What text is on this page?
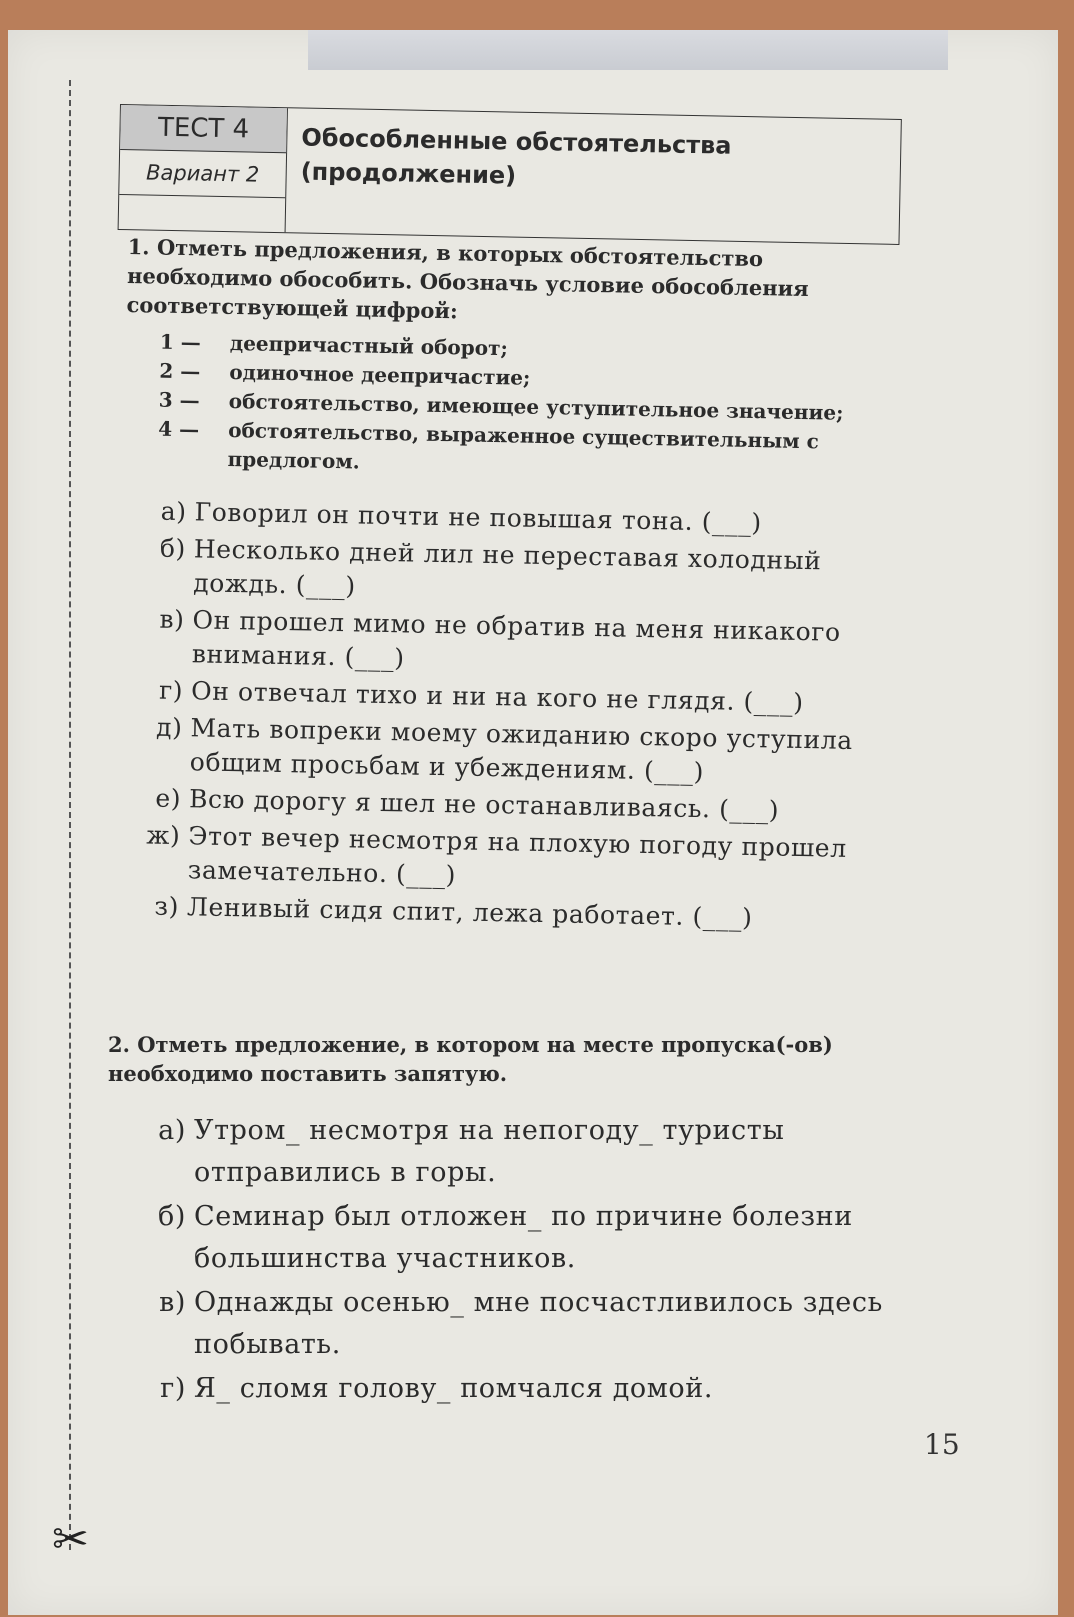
✂
ТЕСТ 4
Вариант 2
Обособленные обстоятельства
(продолжение)
1. Отметь предложения, в которых обстоятельство необходимо обособить. Обозначь условие обособления соответствующей цифрой:
1 —	деепричастный оборот;
2 —	одиночное деепричастие;
3 —	обстоятельство, имеющее уступительное значение;
4 —	обстоятельство, выраженное существительным с предлогом.
а) Говорил он почти не повышая тона. (___)
б) Несколько дней лил не переставая холодный дождь. (___)
в) Он прошел мимо не обратив на меня никакого внимания. (___)
г) Он отвечал тихо и ни на кого не глядя. (___)
д) Мать вопреки моему ожиданию скоро уступила общим просьбам и убеждениям. (___)
е) Всю дорогу я шел не останавливаясь. (___)
ж) Этот вечер несмотря на плохую погоду прошел замечательно. (___)
з) Ленивый сидя спит, лежа работает. (___)
2. Отметь предложение, в котором на месте пропуска(-ов) необходимо поставить запятую.
а) Утром_ несмотря на непогоду_ туристы отправились в горы.
б) Семинар был отложен_ по причине болезни большинства участников.
в) Однажды осенью_ мне посчастливилось здесь побывать.
г) Я_ сломя голову_ помчался домой.
15
